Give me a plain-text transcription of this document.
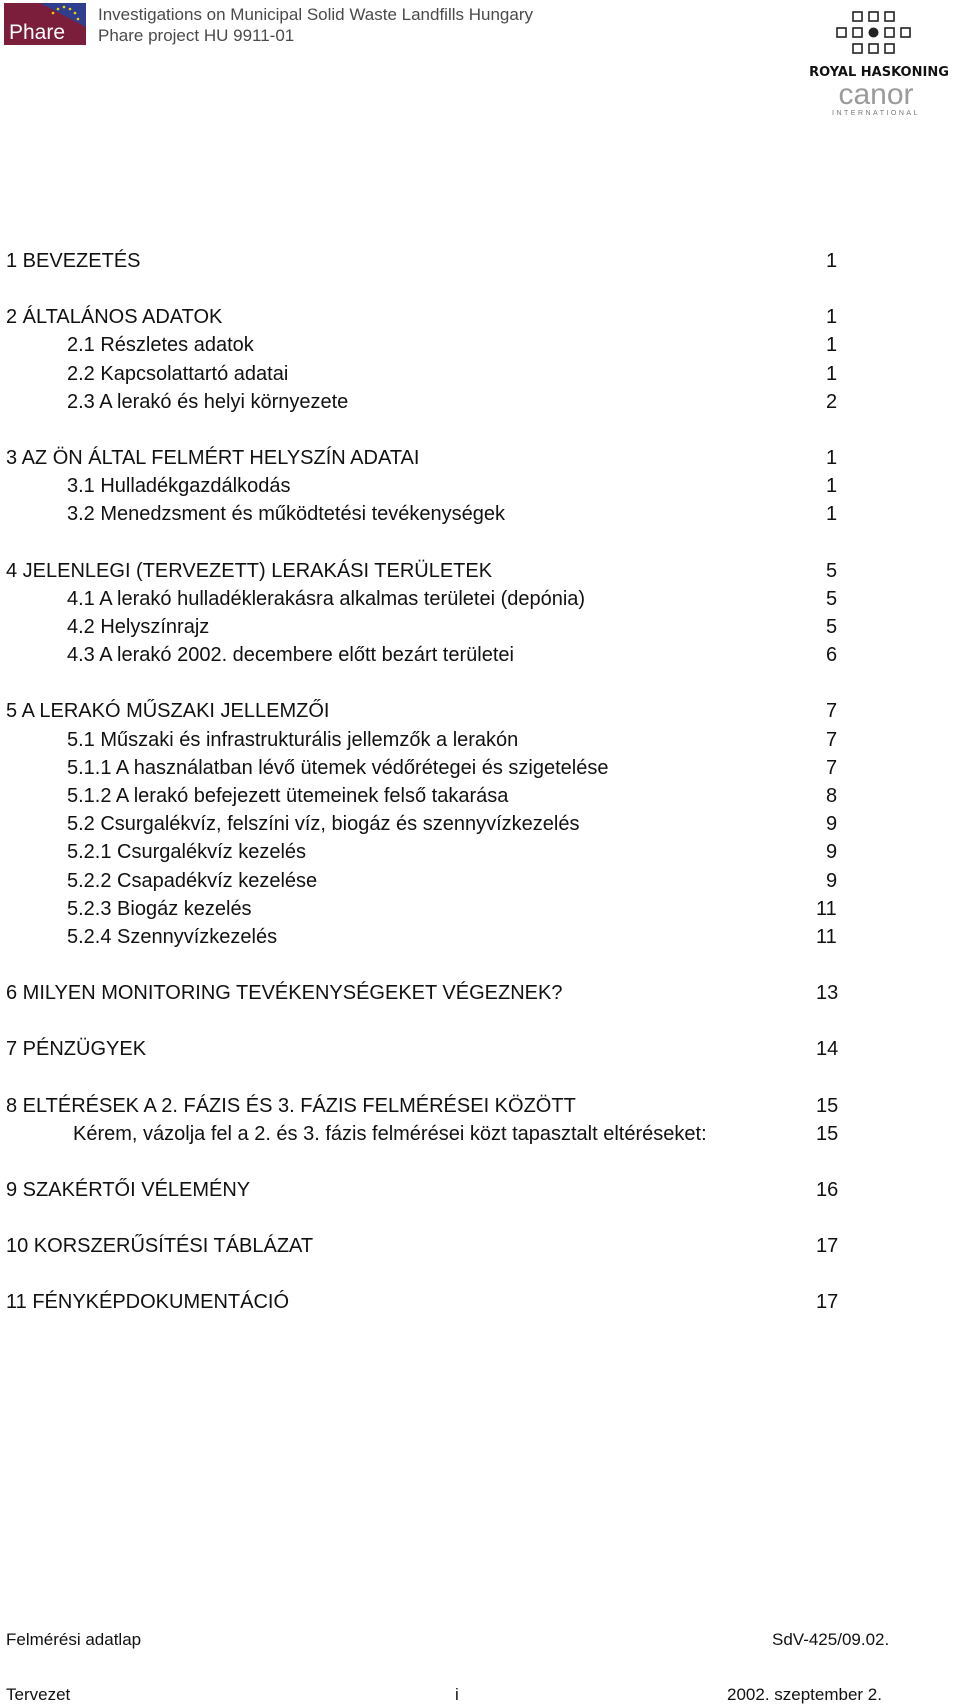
Phare
Investigations on Municipal Solid Waste Landfills Hungary
Phare project HU 9911-01
ROYAL HASKONING
canor
INTERNATIONAL
1 BEVEZETÉS	1
2 ÁLTALÁNOS ADATOK	1
2.1 Részletes adatok	1
2.2 Kapcsolattartó adatai	1
2.3 A lerakó és helyi környezete	2
3 AZ ÖN ÁLTAL FELMÉRT HELYSZÍN ADATAI	1
3.1 Hulladékgazdálkodás	1
3.2 Menedzsment és működtetési tevékenységek	1
4 JELENLEGI (TERVEZETT) LERAKÁSI TERÜLETEK	5
4.1 A lerakó hulladéklerakásra alkalmas területei (depónia)	5
4.2 Helyszínrajz	5
4.3 A lerakó 2002. decembere előtt bezárt területei	6
5 A LERAKÓ MŰSZAKI JELLEMZŐI	7
5.1 Műszaki és infrastrukturális jellemzők a lerakón	7
5.1.1 A használatban lévő ütemek védőrétegei és szigetelése	7
5.1.2 A lerakó befejezett ütemeinek felső takarása	8
5.2 Csurgalékvíz, felszíni víz, biogáz és szennyvízkezelés	9
5.2.1 Csurgalékvíz kezelés	9
5.2.2 Csapadékvíz kezelése	9
5.2.3 Biogáz kezelés	11
5.2.4 Szennyvízkezelés	11
6 MILYEN MONITORING TEVÉKENYSÉGEKET VÉGEZNEK?	13
7 PÉNZÜGYEK	14
8 ELTÉRÉSEK A 2. FÁZIS ÉS 3. FÁZIS FELMÉRÉSEI KÖZÖTT	15
Kérem, vázolja fel a 2. és 3. fázis felmérései közt tapasztalt eltéréseket:	15
9 SZAKÉRTŐI VÉLEMÉNY	16
10 KORSZERŰSÍTÉSI TÁBLÁZAT	17
11 FÉNYKÉPDOKUMENTÁCIÓ	17
Felmérési adatlap	SdV-425/09.02.
Tervezet	i	2002. szeptember 2.
